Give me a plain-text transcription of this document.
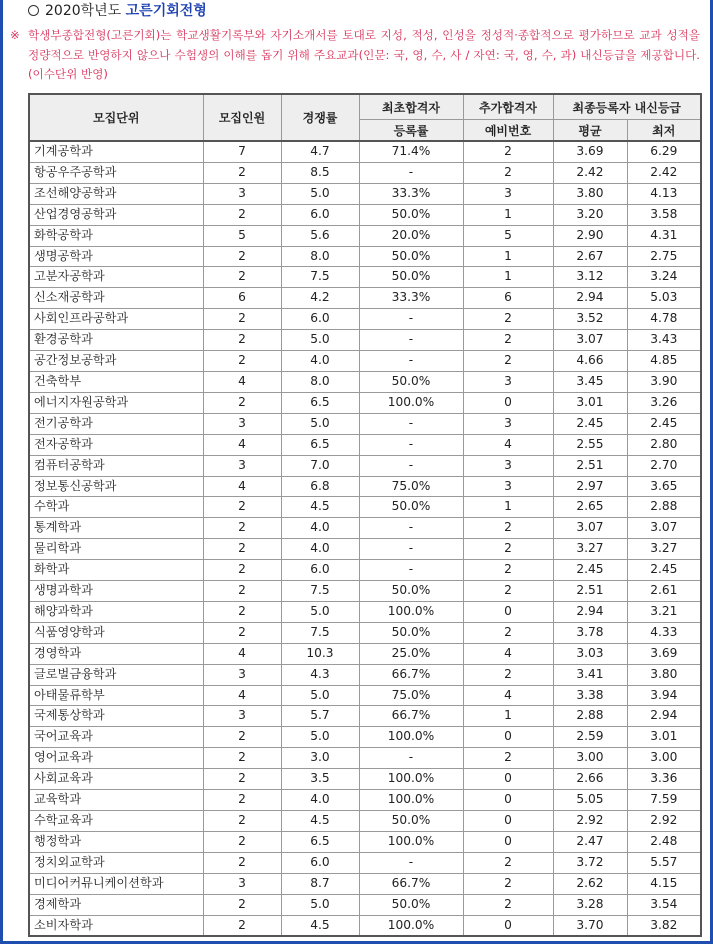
2020학년도 고른기회전형
※ 학생부종합전형(고른기회)는 학교생활기록부와 자기소개서를 토대로 지성, 적성, 인성을 정성적·종합적으로 평가하므로 교과 성적을 정량적으로 반영하지 않으나 수험생의 이해를 돕기 위해 주요교과(인문: 국, 영, 수, 사 / 자연: 국, 영, 수, 과) 내신등급을 제공합니다. (이수단위 반영)
모집단위	모집인원	경쟁률	최초합격자	추가합격자	최종등록자 내신등급	
			등록률	예비번호	평균	최저
기계공학과	7	4.7	71.4%	2	3.69	6.29
항공우주공학과	2	8.5	-	2	2.42	2.42
조선해양공학과	3	5.0	33.3%	3	3.80	4.13
산업경영공학과	2	6.0	50.0%	1	3.20	3.58
화학공학과	5	5.6	20.0%	5	2.90	4.31
생명공학과	2	8.0	50.0%	1	2.67	2.75
고분자공학과	2	7.5	50.0%	1	3.12	3.24
신소재공학과	6	4.2	33.3%	6	2.94	5.03
사회인프라공학과	2	6.0	-	2	3.52	4.78
환경공학과	2	5.0	-	2	3.07	3.43
공간정보공학과	2	4.0	-	2	4.66	4.85
건축학부	4	8.0	50.0%	3	3.45	3.90
에너지자원공학과	2	6.5	100.0%	0	3.01	3.26
전기공학과	3	5.0	-	3	2.45	2.45
전자공학과	4	6.5	-	4	2.55	2.80
컴퓨터공학과	3	7.0	-	3	2.51	2.70
정보통신공학과	4	6.8	75.0%	3	2.97	3.65
수학과	2	4.5	50.0%	1	2.65	2.88
통계학과	2	4.0	-	2	3.07	3.07
물리학과	2	4.0	-	2	3.27	3.27
화학과	2	6.0	-	2	2.45	2.45
생명과학과	2	7.5	50.0%	2	2.51	2.61
해양과학과	2	5.0	100.0%	0	2.94	3.21
식품영양학과	2	7.5	50.0%	2	3.78	4.33
경영학과	4	10.3	25.0%	4	3.03	3.69
글로벌금융학과	3	4.3	66.7%	2	3.41	3.80
아태물류학부	4	5.0	75.0%	4	3.38	3.94
국제통상학과	3	5.7	66.7%	1	2.88	2.94
국어교육과	2	5.0	100.0%	0	2.59	3.01
영어교육과	2	3.0	-	2	3.00	3.00
사회교육과	2	3.5	100.0%	0	2.66	3.36
교육학과	2	4.0	100.0%	0	5.05	7.59
수학교육과	2	4.5	50.0%	0	2.92	2.92
행정학과	2	6.5	100.0%	0	2.47	2.48
정치외교학과	2	6.0	-	2	3.72	5.57
미디어커뮤니케이션학과	3	8.7	66.7%	2	2.62	4.15
경제학과	2	5.0	50.0%	2	3.28	3.54
소비자학과	2	4.5	100.0%	0	3.70	3.82
